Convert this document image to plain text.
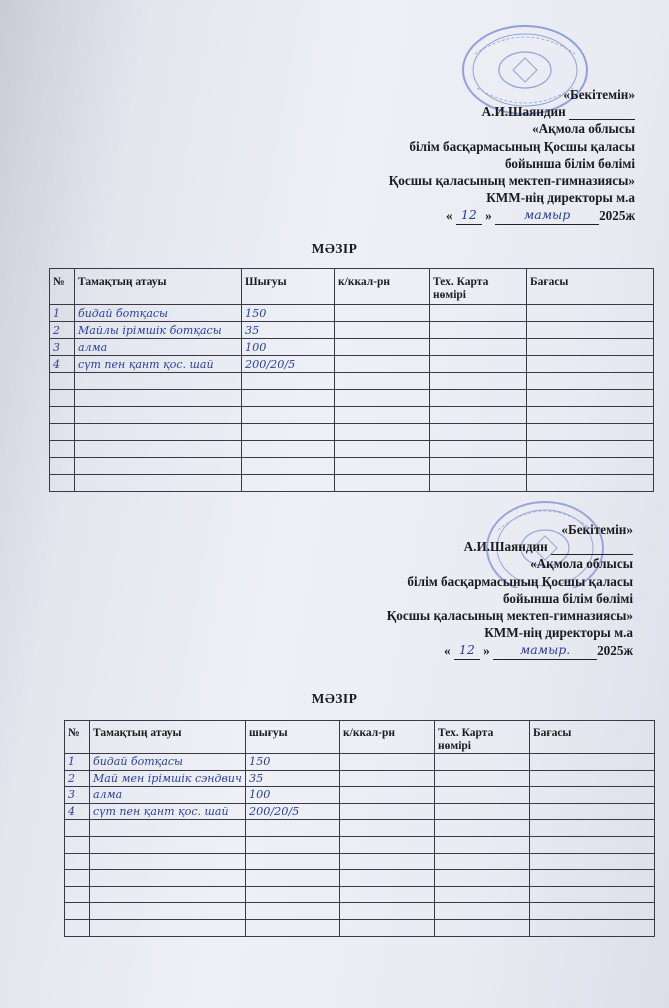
«Бекітемін»
А.И.Шаяндин
«Ақмола облысы
білім басқармасының Қосшы қаласы
бойынша білім бөлімі
Қосшы қаласының мектеп-гимназиясы»
КММ-нің директоры м.а
« 12 »	мамыр 2025ж
МӘЗІР
№	Тамақтың атауы	Шығуы	к/ккал-рн	Тех. Карта нөмірі	Бағасы
1	бидай ботқасы	150			
2	Майлы ірімшік ботқасы	35			
3	алма	100			
4	сүт пен қант қос. шай	200/20/5			

«Бекітемін»
А.И.Шаяндин
«Ақмола облысы
білім басқармасының Қосшы қаласы
бойынша білім бөлімі
Қосшы қаласының мектеп-гимназиясы»
КММ-нің директоры м.а
« 12 » мамыр. 2025ж
МӘЗІР
№	Тамақтың атауы	шығуы	к/ккал-рн	Тех. Карта нөмірі	Бағасы
1	бидай ботқасы	150			
2	Май мен ірімшік сэндвич	35			
3	алма	100			
4	сүт пен қант қос. шай	200/20/5			
